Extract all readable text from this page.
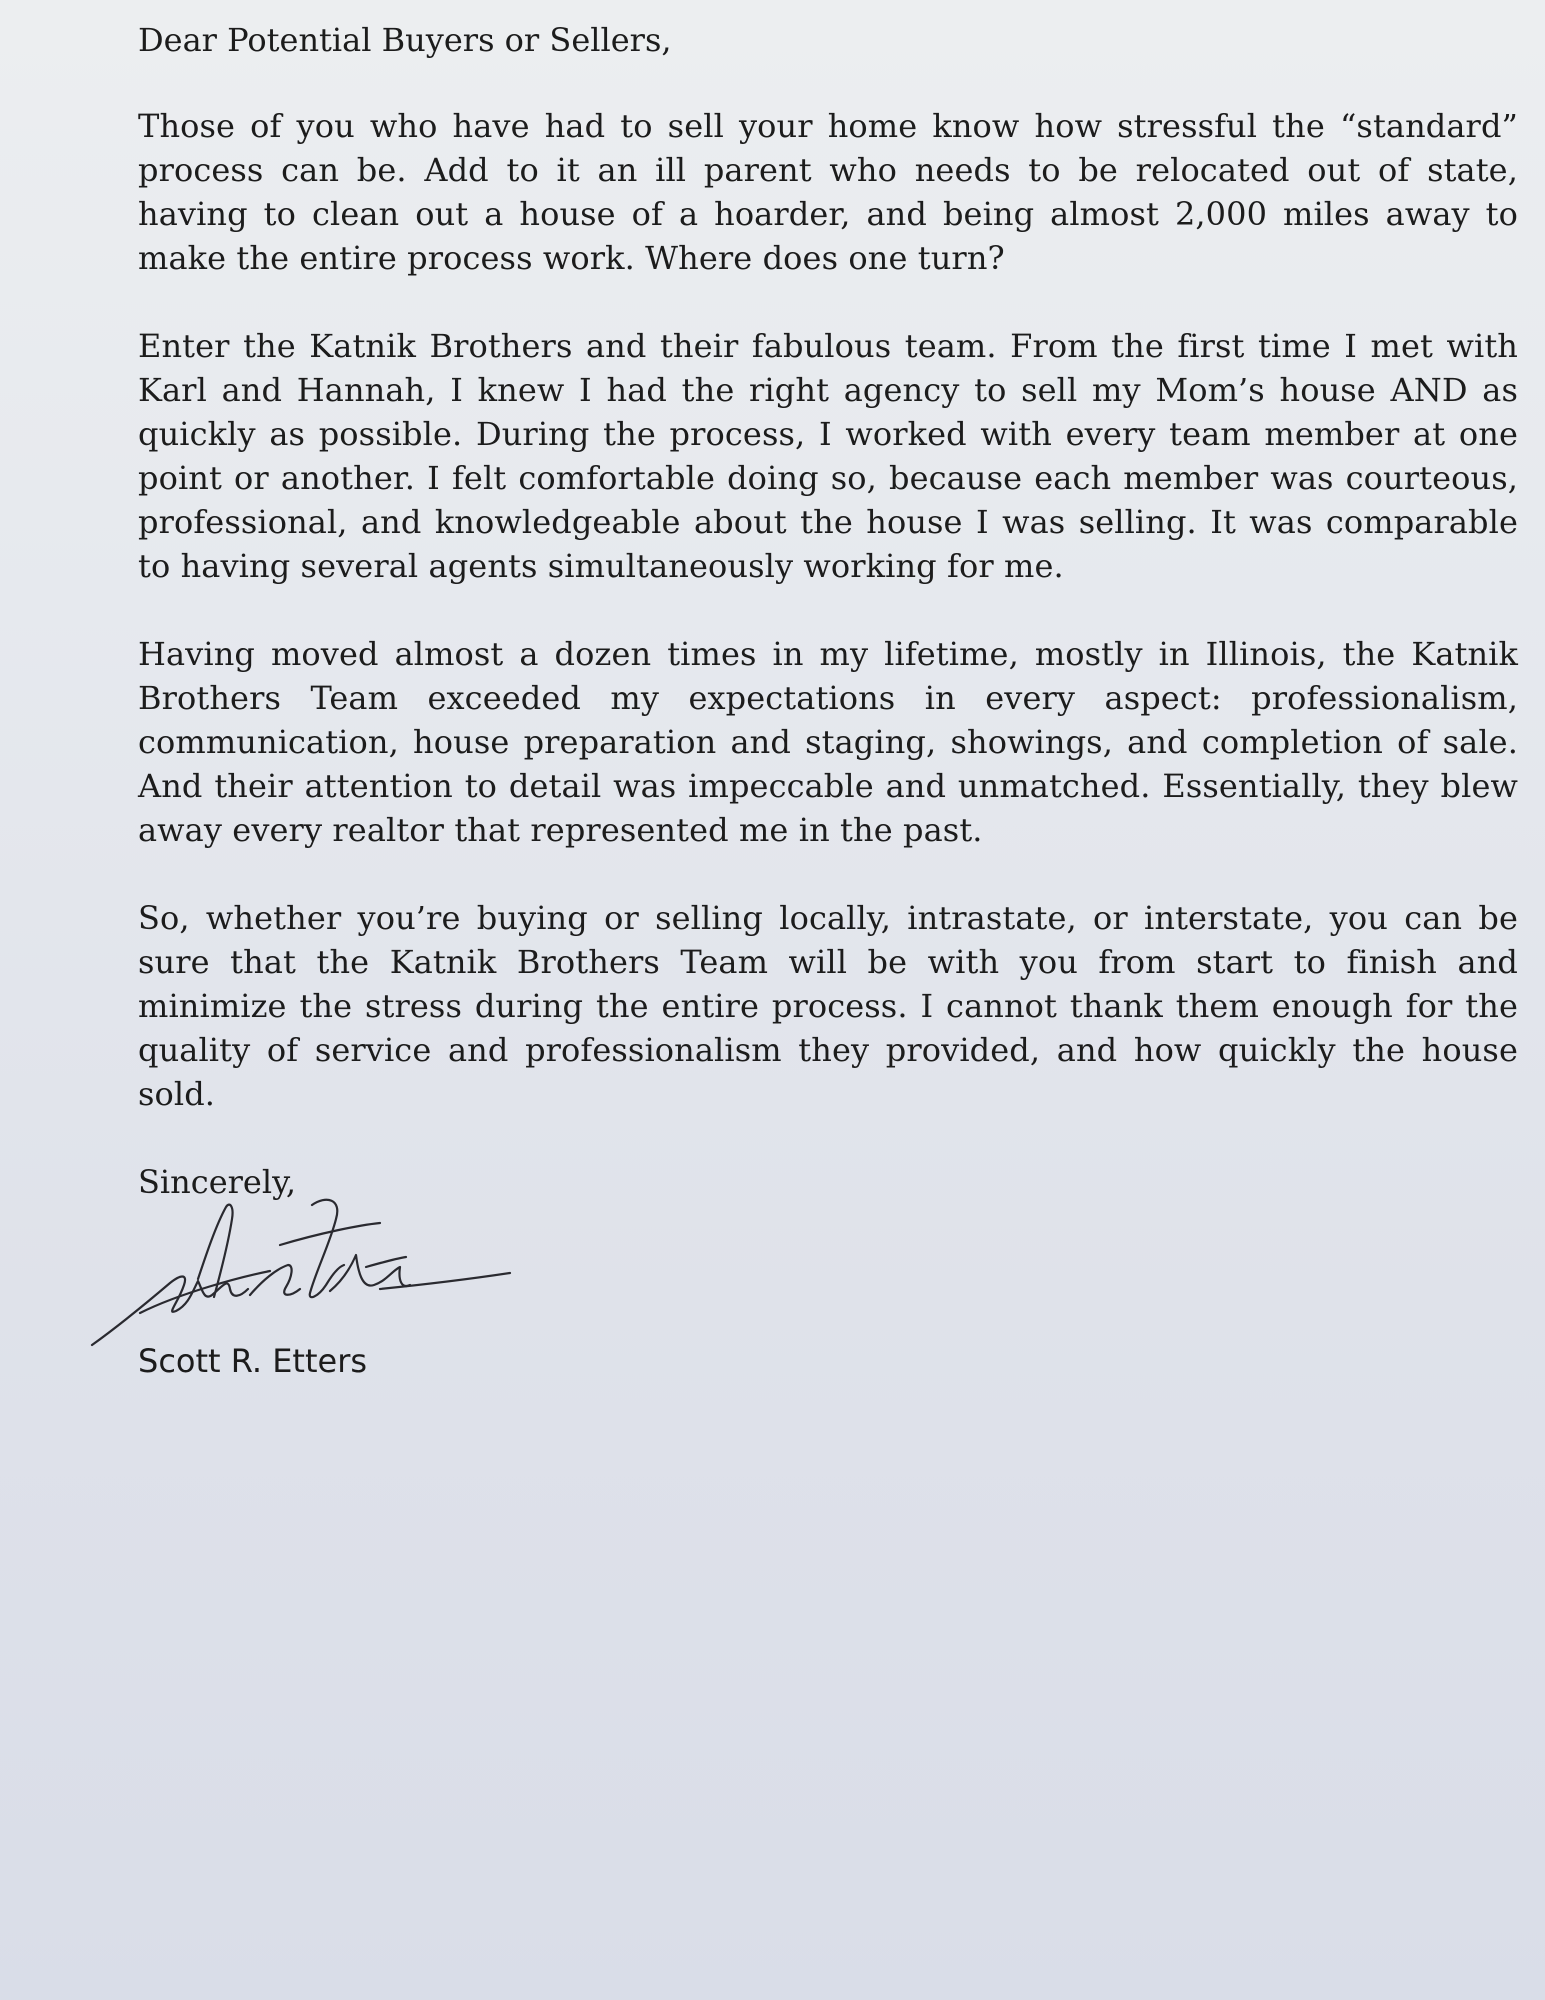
Dear Potential Buyers or Sellers,

Those of you who have had to sell your home know how stressful the “standard” process can be. Add to it an ill parent who needs to be relocated out of state, having to clean out a house of a hoarder, and being almost 2,000 miles away to make the entire process work. Where does one turn?

Enter the Katnik Brothers and their fabulous team. From the first time I met with Karl and Hannah, I knew I had the right agency to sell my Mom’s house AND as quickly as possible. During the process, I worked with every team member at one point or another. I felt comfortable doing so, because each member was courteous, professional, and knowledgeable about the house I was selling. It was comparable to having several agents simultaneously working for me.

Having moved almost a dozen times in my lifetime, mostly in Illinois, the Katnik Brothers Team exceeded my expectations in every aspect: professionalism, communication, house preparation and staging, showings, and completion of sale. And their attention to detail was impeccable and unmatched. Essentially, they blew away every realtor that represented me in the past.

So, whether you’re buying or selling locally, intrastate, or interstate, you can be sure that the Katnik Brothers Team will be with you from start to finish and minimize the stress during the entire process. I cannot thank them enough for the quality of service and professionalism they provided, and how quickly the house sold.

Sincerely,

Scott R. Etters
